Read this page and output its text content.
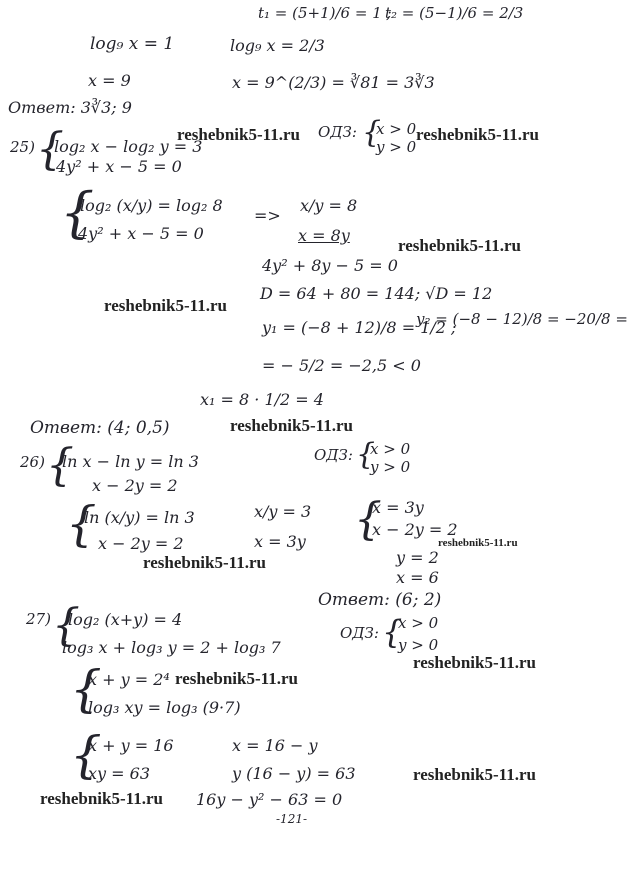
t₁ = (5+1)/6 = 1 ;
t₂ = (5−1)/6 = 2/3
log₉ x = 1	log₉ x = 2/3
x = 9	x = 9^(2/3) = ∛81 = 3∛3
Ответ: 3∛3; 9
25) {
log₂ x − log₂ y = 3
4y² + x − 5 = 0
ОДЗ: {
x > 0
y > 0
{
log₂ (x/y) = log₂ 8
4y² + x − 5 = 0
=>
x/y = 8
x = 8y
4y² + 8y − 5 = 0
D = 64 + 80 = 144; √D = 12
y₁ = (−8 + 12)/8 = 1/2 ;
y₂ = (−8 − 12)/8 = −20/8 =
= − 5/2 = −2,5 < 0
x₁ = 8 · 1/2 = 4
Ответ: (4; 0,5)
26) {
ln x − ln y = ln 3
x − 2y = 2
ОДЗ: {
x > 0
y > 0
{
ln (x/y) = ln 3
x − 2y = 2
x/y = 3
x = 3y {
x = 3y
x − 2y = 2
y = 2
x = 6
Ответ: (6; 2)
27) {
log₂ (x+y) = 4
log₃ x + log₃ y = 2 + log₃ 7
ОДЗ: {
x > 0
y > 0
{
x + y = 2⁴
log₃ xy = log₃ (9·7)
{
x + y = 16
xy = 63
x = 16 − y
y (16 − y) = 63
16y − y² − 63 = 0
-121-
reshebnik5-11.ru	reshebnik5-11.ru
reshebnik5-11.ru
reshebnik5-11.ru
reshebnik5-11.ru
reshebnik5-11.ru
reshebnik5-11.ru
reshebnik5-11.ru
reshebnik5-11.ru
reshebnik5-11.ru
reshebnik5-11.ru
